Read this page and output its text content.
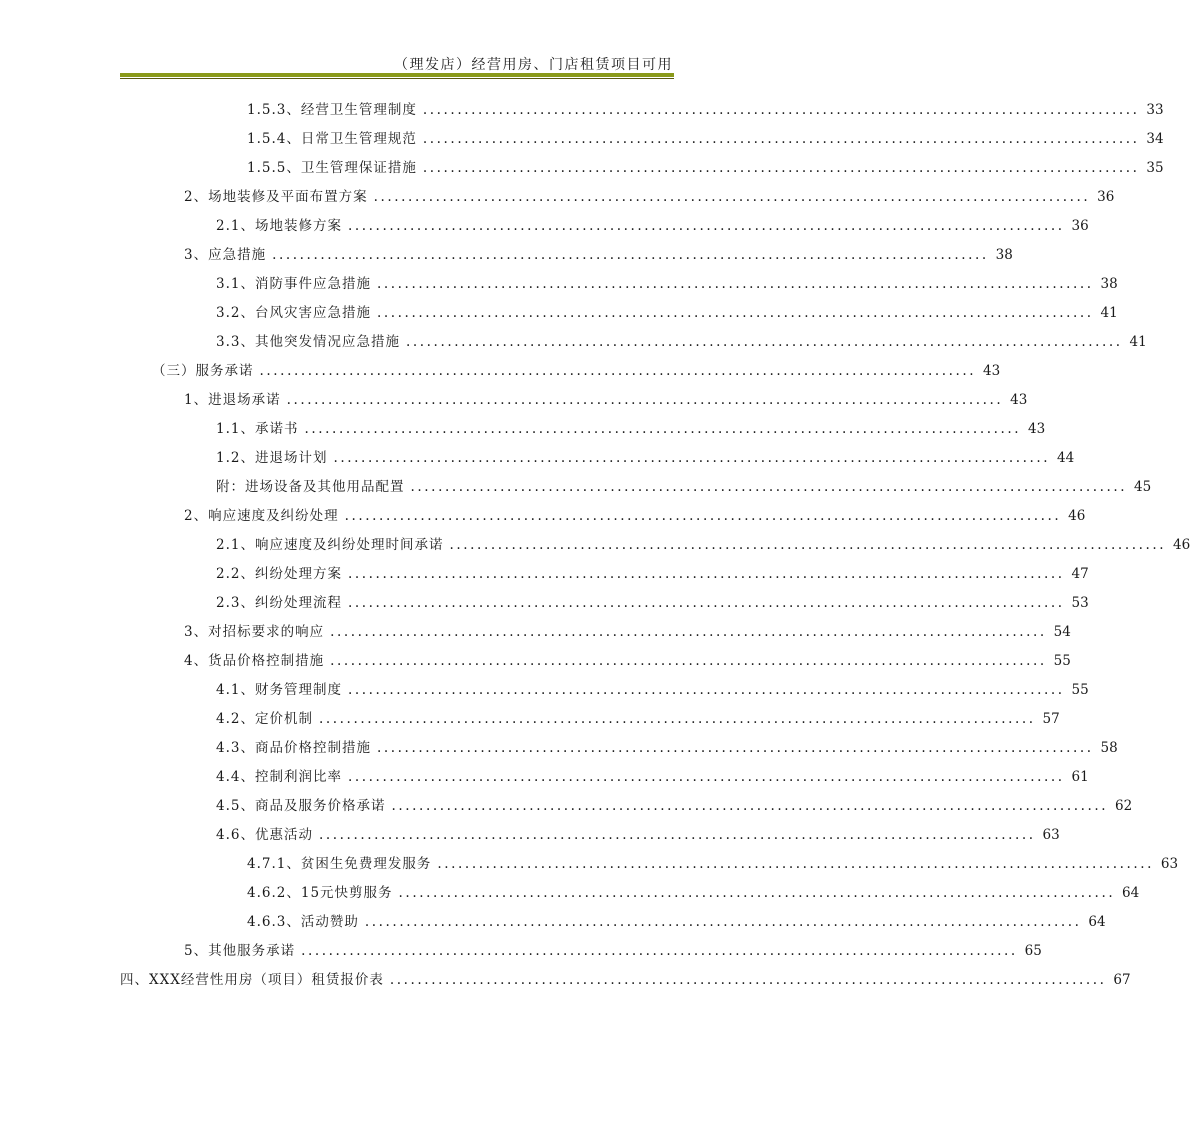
（理发店）经营用房、门店租赁项目可用
1.5.3、经营卫生管理制度 ........................................................................................................ 33
1.5.4、日常卫生管理规范 ........................................................................................................ 34
1.5.5、卫生管理保证措施 ........................................................................................................ 35
2、场地装修及平面布置方案 ........................................................................................................ 36
2.1、场地装修方案 ........................................................................................................ 36
3、应急措施 ........................................................................................................ 38
3.1、消防事件应急措施 ........................................................................................................ 38
3.2、台风灾害应急措施 ........................................................................................................ 41
3.3、其他突发情况应急措施 ........................................................................................................ 41
（三）服务承诺 ........................................................................................................ 43
1、进退场承诺 ........................................................................................................ 43
1.1、承诺书 ........................................................................................................ 43
1.2、进退场计划 ........................................................................................................ 44
附：进场设备及其他用品配置 ........................................................................................................ 45
2、响应速度及纠纷处理 ........................................................................................................ 46
2.1、响应速度及纠纷处理时间承诺 ........................................................................................................ 46
2.2、纠纷处理方案 ........................................................................................................ 47
2.3、纠纷处理流程 ........................................................................................................ 53
3、对招标要求的响应 ........................................................................................................ 54
4、货品价格控制措施 ........................................................................................................ 55
4.1、财务管理制度 ........................................................................................................ 55
4.2、定价机制 ........................................................................................................ 57
4.3、商品价格控制措施 ........................................................................................................ 58
4.4、控制利润比率 ........................................................................................................ 61
4.5、商品及服务价格承诺 ........................................................................................................ 62
4.6、优惠活动 ........................................................................................................ 63
4.7.1、贫困生免费理发服务 ........................................................................................................ 63
4.6.2、15元快剪服务 ........................................................................................................ 64
4.6.3、活动赞助 ........................................................................................................ 64
5、其他服务承诺 ........................................................................................................ 65
四、XXX经营性用房（项目）租赁报价表 ........................................................................................................ 67
